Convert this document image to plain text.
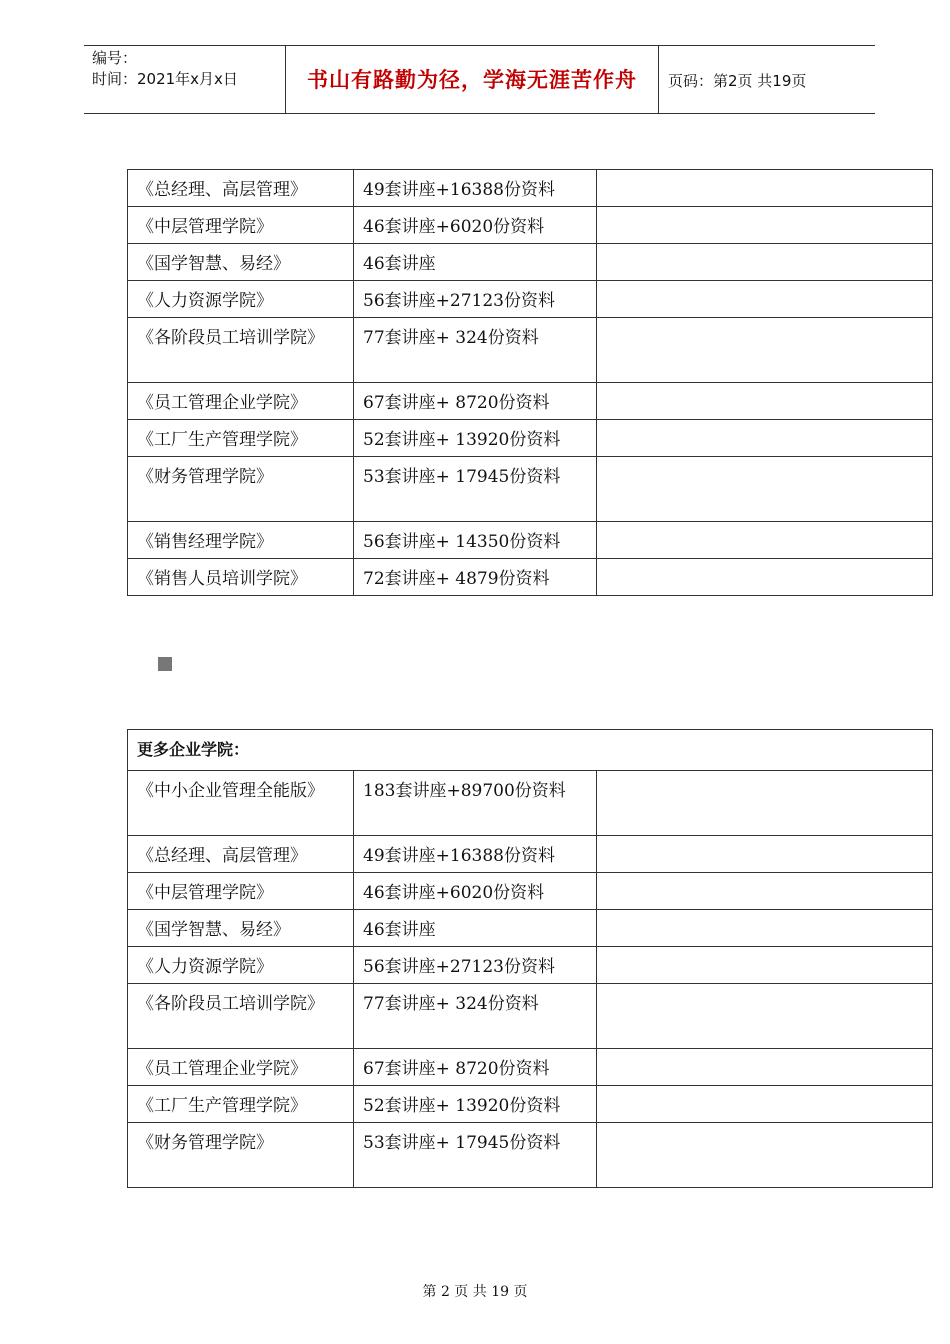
编号：
时间：2021年x月x日	书山有路勤为径，学海无涯苦作舟	页码：第2页 共19页
《总经理、高层管理》	49套讲座+16388份资料	
《中层管理学院》	46套讲座+6020份资料	
《国学智慧、易经》	46套讲座	
《人力资源学院》	56套讲座+27123份资料	
《各阶段员工培训学院》	77套讲座+ 324份资料	
《员工管理企业学院》	67套讲座+ 8720份资料	
《工厂生产管理学院》	52套讲座+ 13920份资料	
《财务管理学院》	53套讲座+ 17945份资料	
《销售经理学院》	56套讲座+ 14350份资料	
《销售人员培训学院》	72套讲座+ 4879份资料	
更多企业学院：		
《中小企业管理全能版》	183套讲座+89700份资料	
《总经理、高层管理》	49套讲座+16388份资料	
《中层管理学院》	46套讲座+6020份资料	
《国学智慧、易经》	46套讲座	
《人力资源学院》	56套讲座+27123份资料	
《各阶段员工培训学院》	77套讲座+ 324份资料	
《员工管理企业学院》	67套讲座+ 8720份资料	
《工厂生产管理学院》	52套讲座+ 13920份资料	
《财务管理学院》	53套讲座+ 17945份资料	
第 2 页 共 19 页
